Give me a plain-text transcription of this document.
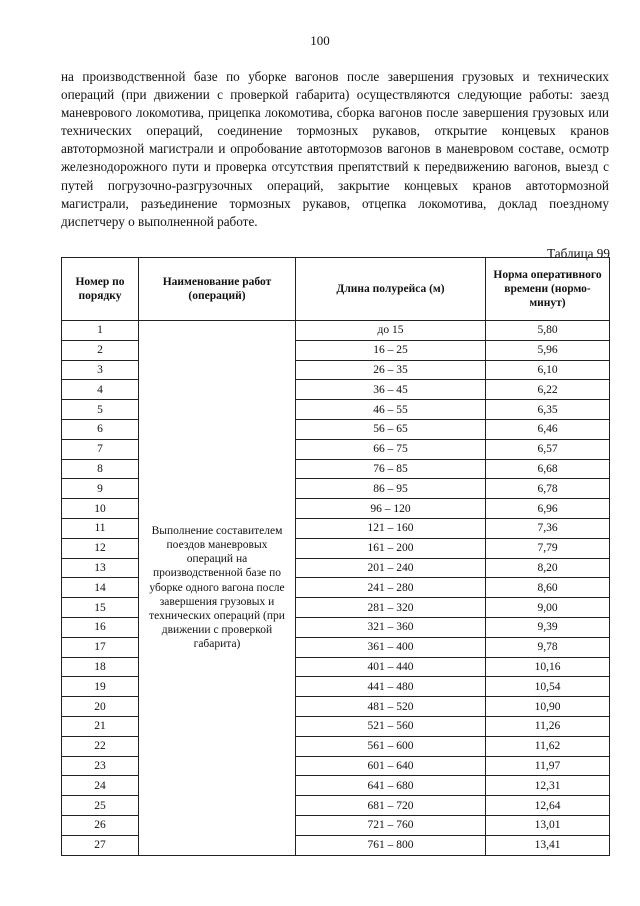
100
на производственной базе по уборке вагонов после завершения грузовых и технических операций (при движении с проверкой габарита) осуществляются следующие работы: заезд маневрового локомотива, прицепка локомотива, сборка вагонов после завершения грузовых или технических операций, соединение тормозных рукавов, открытие концевых кранов автотормозной магистрали и опробование автотормозов вагонов в маневровом составе, осмотр железнодорожного пути и проверка отсутствия препятствий к передвижению вагонов, выезд с путей погрузочно-разгрузочных операций, закрытие концевых кранов автотормозной магистрали, разъединение тормозных рукавов, отцепка локомотива, доклад поездному диспетчеру о выполненной работе.
Таблица 99
Номер по порядку	Наименование работ (операций)	Длина полурейса (м)	Норма оперативного времени (нормо-минут)
1	Выполнение составителем поездов маневровых операций на производственной базе по уборке одного вагона после завершения грузовых и технических операций (при движении с проверкой габарита)	до 15	5,80
2		16 – 25	5,96
3		26 – 35	6,10
4		36 – 45	6,22
5		46 – 55	6,35
6		56 – 65	6,46
7		66 – 75	6,57
8		76 – 85	6,68
9		86 – 95	6,78
10		96 – 120	6,96
11		121 – 160	7,36
12		161 – 200	7,79
13		201 – 240	8,20
14		241 – 280	8,60
15		281 – 320	9,00
16		321 – 360	9,39
17		361 – 400	9,78
18		401 – 440	10,16
19		441 – 480	10,54
20		481 – 520	10,90
21		521 – 560	11,26
22		561 – 600	11,62
23		601 – 640	11,97
24		641 – 680	12,31
25		681 – 720	12,64
26		721 – 760	13,01
27		761 – 800	13,41
